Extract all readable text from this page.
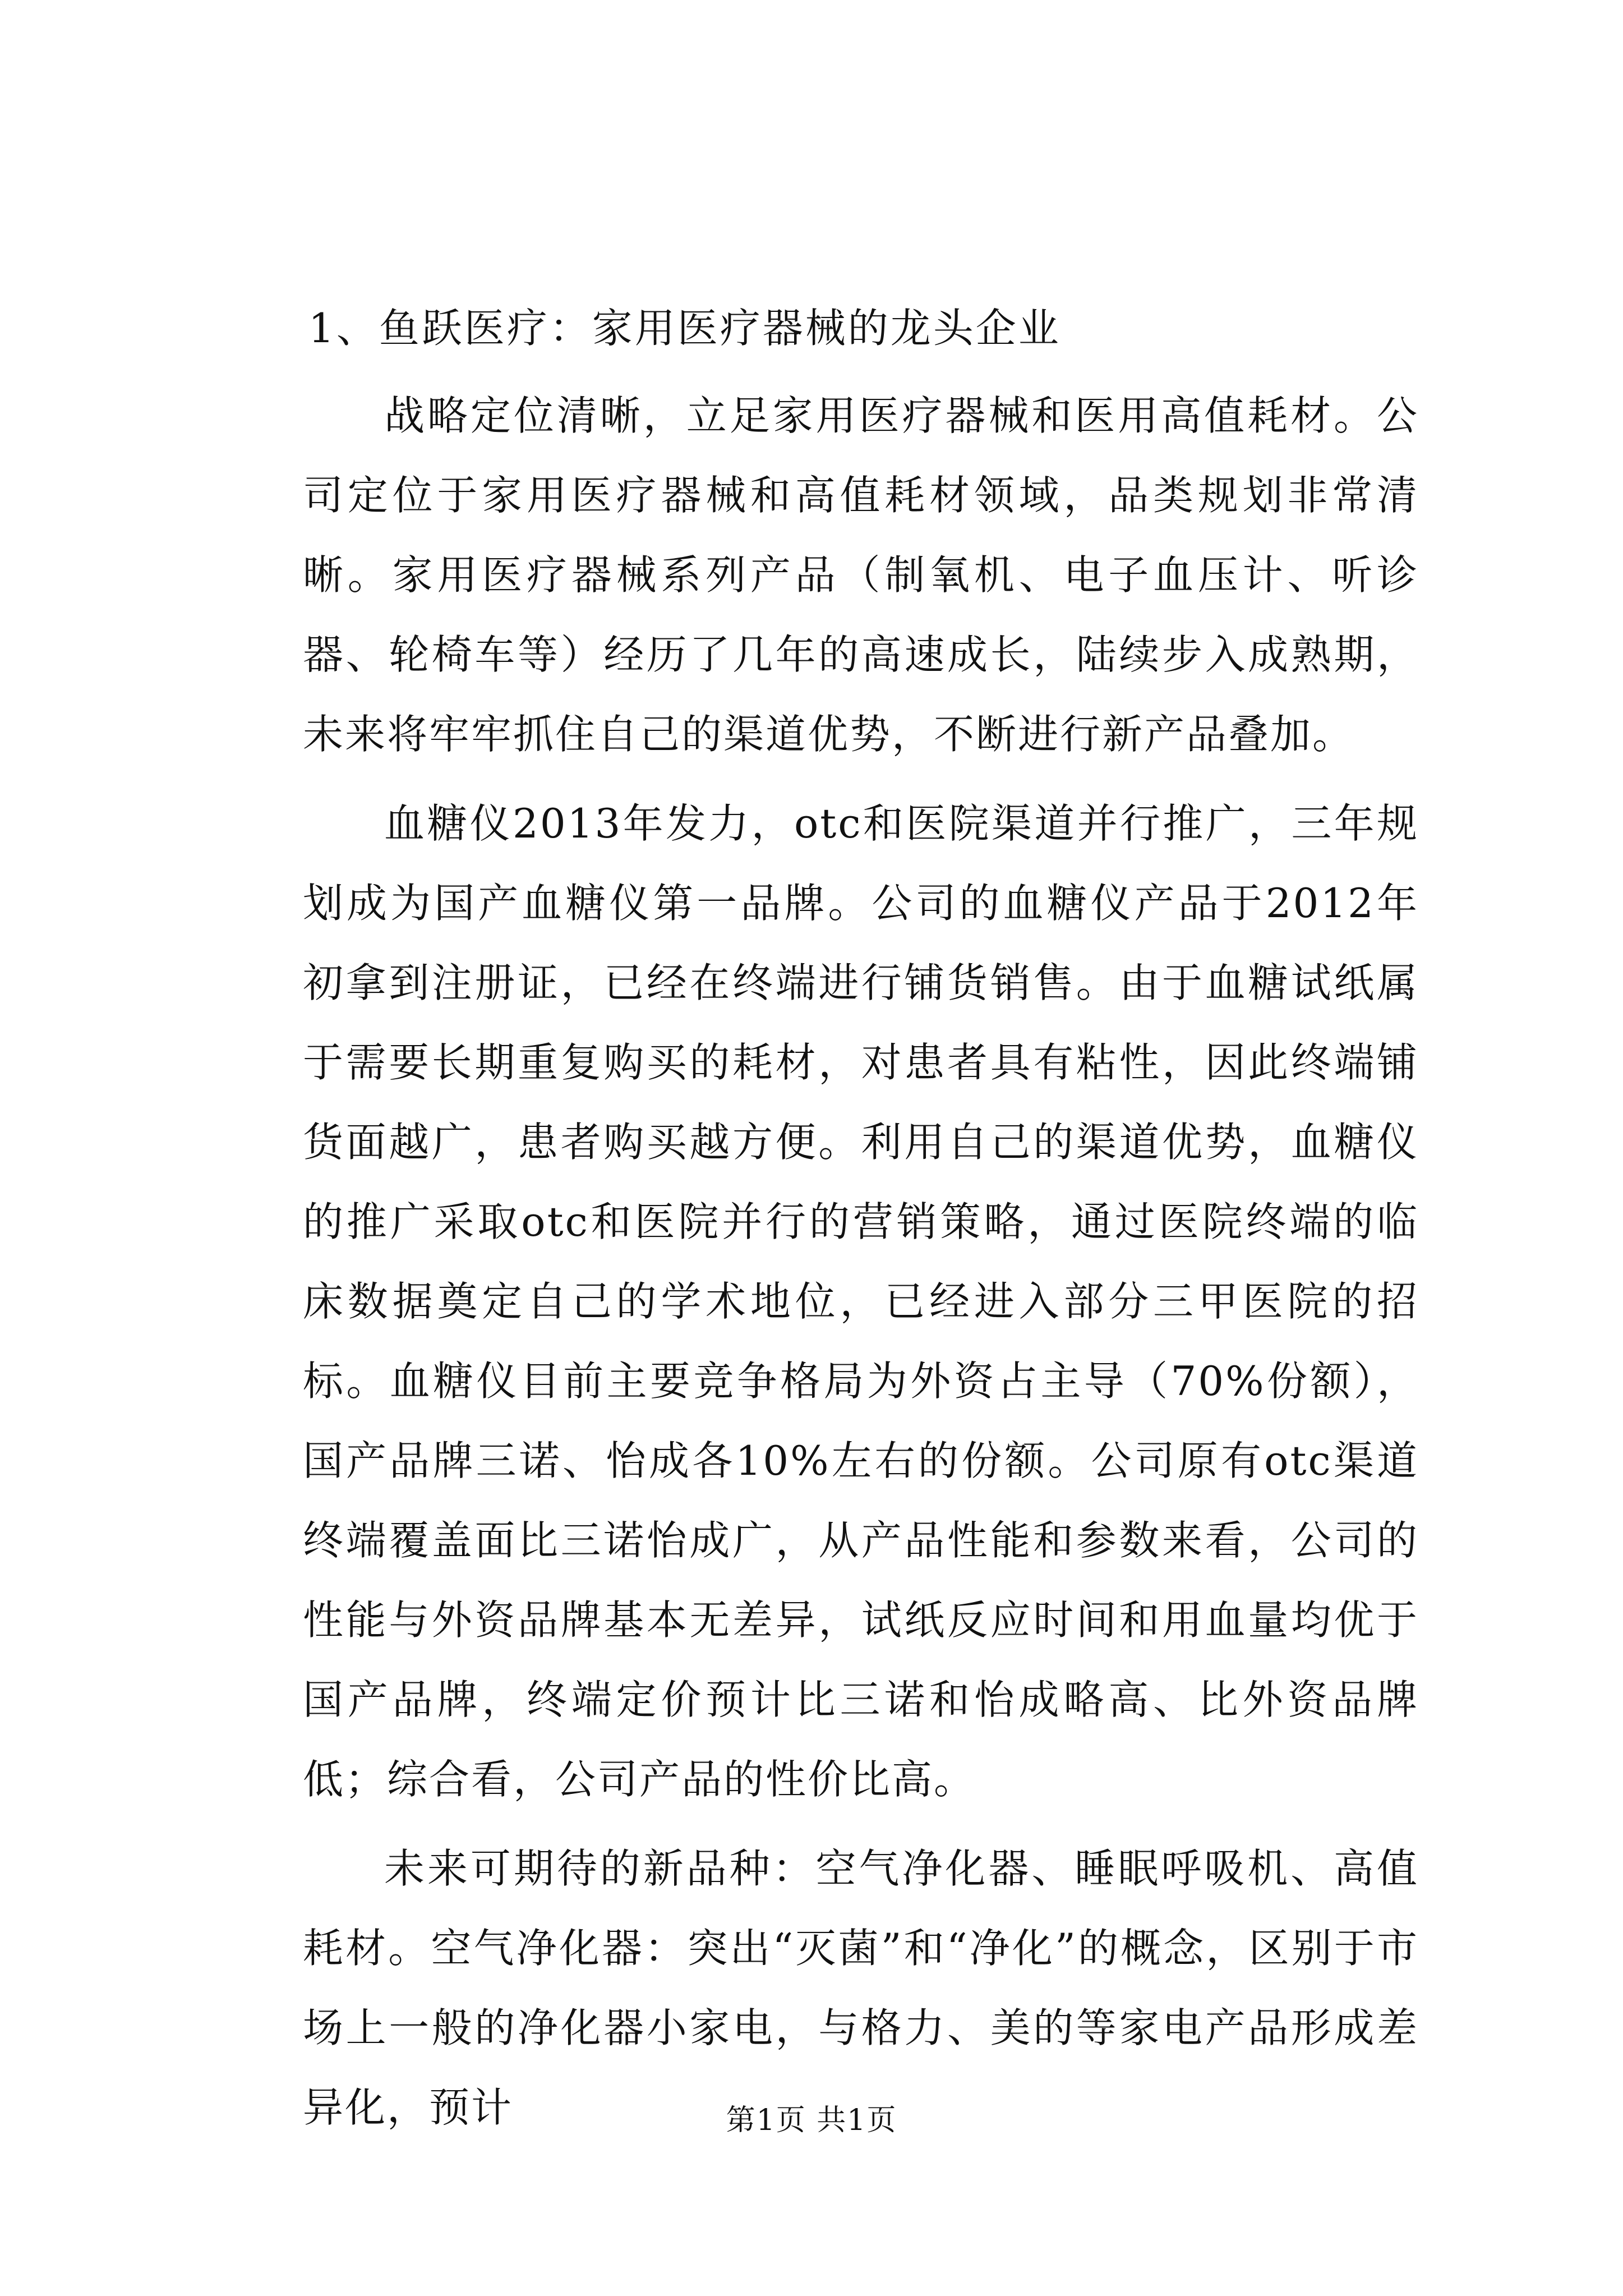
1、鱼跃医疗：家用医疗器械的龙头企业

战略定位清晰，立足家用医疗器械和医用高值耗材。公司定位于家用医疗器械和高值耗材领域，品类规划非常清晰。家用医疗器械系列产品（制氧机、电子血压计、听诊器、轮椅车等）经历了几年的高速成长，陆续步入成熟期，未来将牢牢抓住自己的渠道优势，不断进行新产品叠加。

血糖仪2013年发力，otc和医院渠道并行推广，三年规划成为国产血糖仪第一品牌。公司的血糖仪产品于2012年初拿到注册证，已经在终端进行铺货销售。由于血糖试纸属于需要长期重复购买的耗材，对患者具有粘性，因此终端铺货面越广，患者购买越方便。利用自己的渠道优势，血糖仪的推广采取otc和医院并行的营销策略，通过医院终端的临床数据奠定自己的学术地位，已经进入部分三甲医院的招标。血糖仪目前主要竞争格局为外资占主导（70%份额），国产品牌三诺、怡成各10%左右的份额。公司原有otc渠道终端覆盖面比三诺怡成广，从产品性能和参数来看，公司的性能与外资品牌基本无差异，试纸反应时间和用血量均优于国产品牌，终端定价预计比三诺和怡成略高、比外资品牌低；综合看，公司产品的性价比高。

未来可期待的新品种：空气净化器、睡眠呼吸机、高值耗材。空气净化器：突出“灭菌”和“净化”的概念，区别于市场上一般的净化器小家电，与格力、美的等家电产品形成差异化，预计	第1页 共1页
